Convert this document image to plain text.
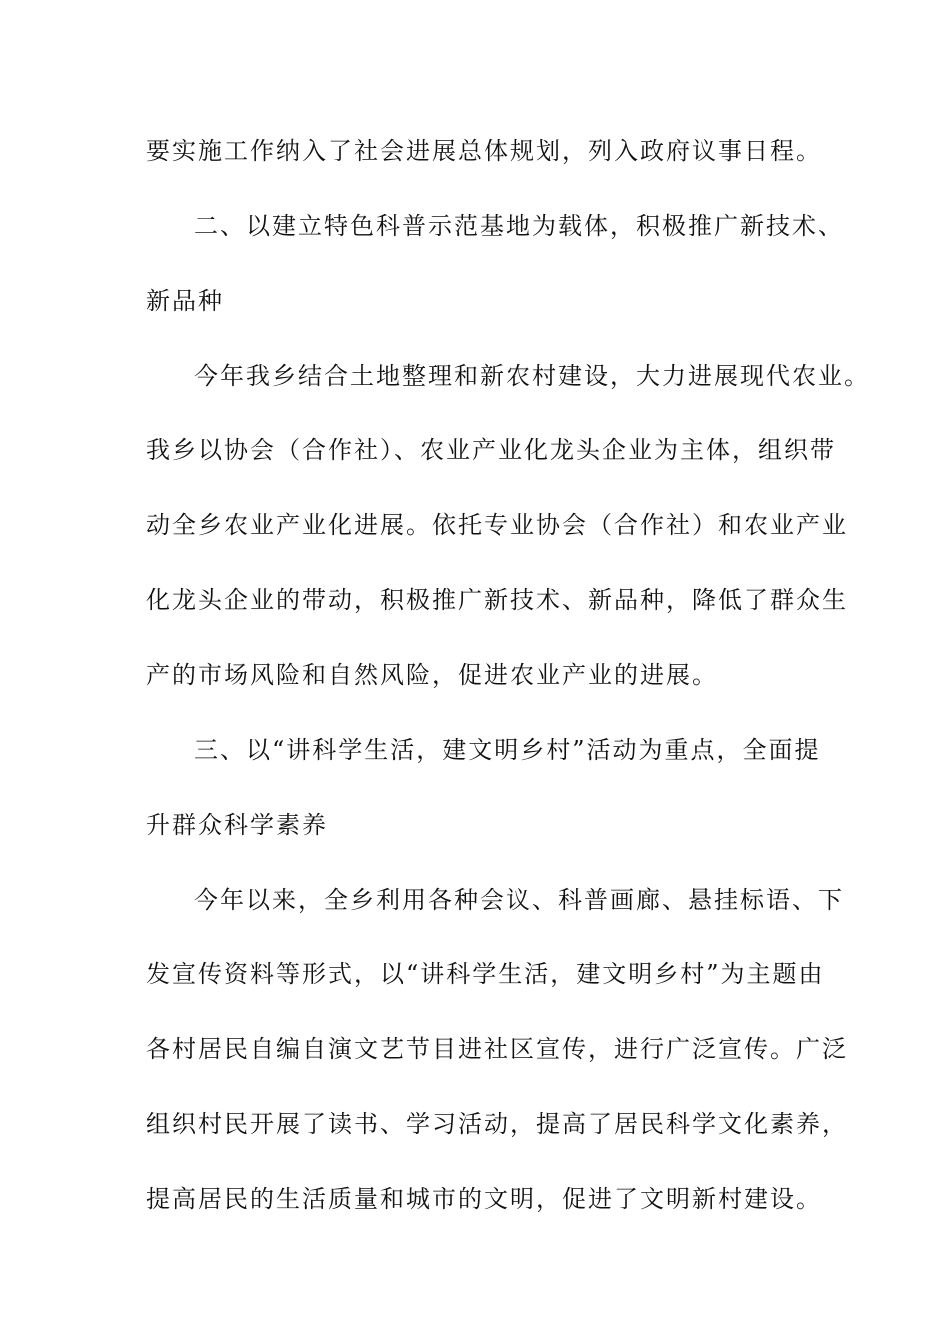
要实施工作纳入了社会进展总体规划，列入政府议事日程。
二、以建立特色科普示范基地为载体，积极推广新技术、
新品种
今年我乡结合土地整理和新农村建设，大力进展现代农业。
我乡以协会（合作社）、农业产业化龙头企业为主体，组织带
动全乡农业产业化进展。依托专业协会（合作社）和农业产业
化龙头企业的带动，积极推广新技术、新品种，降低了群众生
产的市场风险和自然风险，促进农业产业的进展。
三、以“讲科学生活，建文明乡村”活动为重点，全面提
升群众科学素养
今年以来，全乡利用各种会议、科普画廊、悬挂标语、下
发宣传资料等形式，以“讲科学生活，建文明乡村”为主题由
各村居民自编自演文艺节目进社区宣传，进行广泛宣传。广泛
组织村民开展了读书、学习活动，提高了居民科学文化素养，
提高居民的生活质量和城市的文明，促进了文明新村建设。
